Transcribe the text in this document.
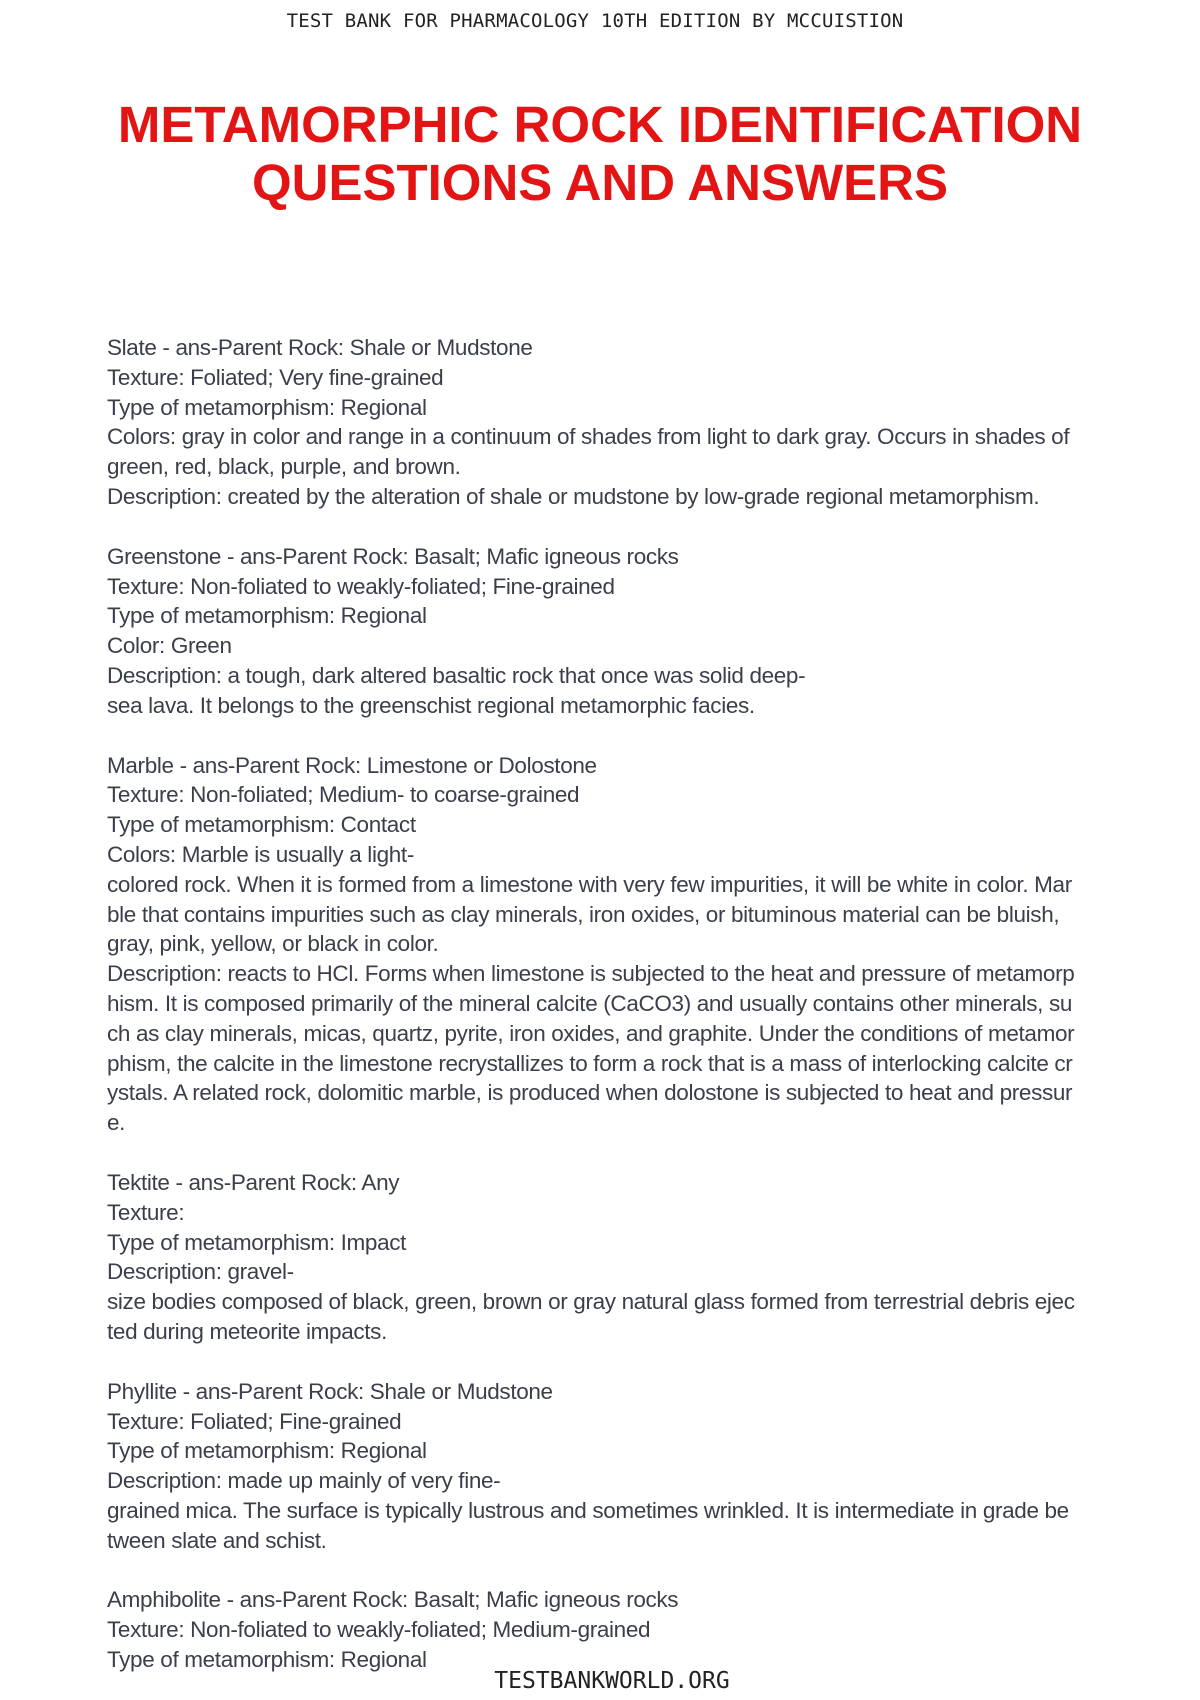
TEST BANK FOR PHARMACOLOGY 10TH EDITION BY MCCUISTION
METAMORPHIC ROCK IDENTIFICATION
QUESTIONS AND ANSWERS
Slate - ans-Parent Rock: Shale or Mudstone
Texture: Foliated; Very fine-grained
Type of metamorphism: Regional
Colors: gray in color and range in a continuum of shades from light to dark gray. Occurs in shades of
green, red, black, purple, and brown.
Description: created by the alteration of shale or mudstone by low-grade regional metamorphism.
Greenstone - ans-Parent Rock: Basalt; Mafic igneous rocks
Texture: Non-foliated to weakly-foliated; Fine-grained
Type of metamorphism: Regional
Color: Green
Description: a tough, dark altered basaltic rock that once was solid deep-
sea lava. It belongs to the greenschist regional metamorphic facies.
Marble - ans-Parent Rock: Limestone or Dolostone
Texture: Non-foliated; Medium- to coarse-grained
Type of metamorphism: Contact
Colors: Marble is usually a light-
colored rock. When it is formed from a limestone with very few impurities, it will be white in color. Mar
ble that contains impurities such as clay minerals, iron oxides, or bituminous material can be bluish,
gray, pink, yellow, or black in color.
Description: reacts to HCl. Forms when limestone is subjected to the heat and pressure of metamorp
hism. It is composed primarily of the mineral calcite (CaCO3) and usually contains other minerals, su
ch as clay minerals, micas, quartz, pyrite, iron oxides, and graphite. Under the conditions of metamor
phism, the calcite in the limestone recrystallizes to form a rock that is a mass of interlocking calcite cr
ystals. A related rock, dolomitic marble, is produced when dolostone is subjected to heat and pressur
e.
Tektite - ans-Parent Rock: Any
Texture:
Type of metamorphism: Impact
Description: gravel-
size bodies composed of black, green, brown or gray natural glass formed from terrestrial debris ejec
ted during meteorite impacts.
Phyllite - ans-Parent Rock: Shale or Mudstone
Texture: Foliated; Fine-grained
Type of metamorphism: Regional
Description: made up mainly of very fine-
grained mica. The surface is typically lustrous and sometimes wrinkled. It is intermediate in grade be
tween slate and schist.
Amphibolite - ans-Parent Rock: Basalt; Mafic igneous rocks
Texture: Non-foliated to weakly-foliated; Medium-grained
Type of metamorphism: Regional
TESTBANKWORLD.ORG
